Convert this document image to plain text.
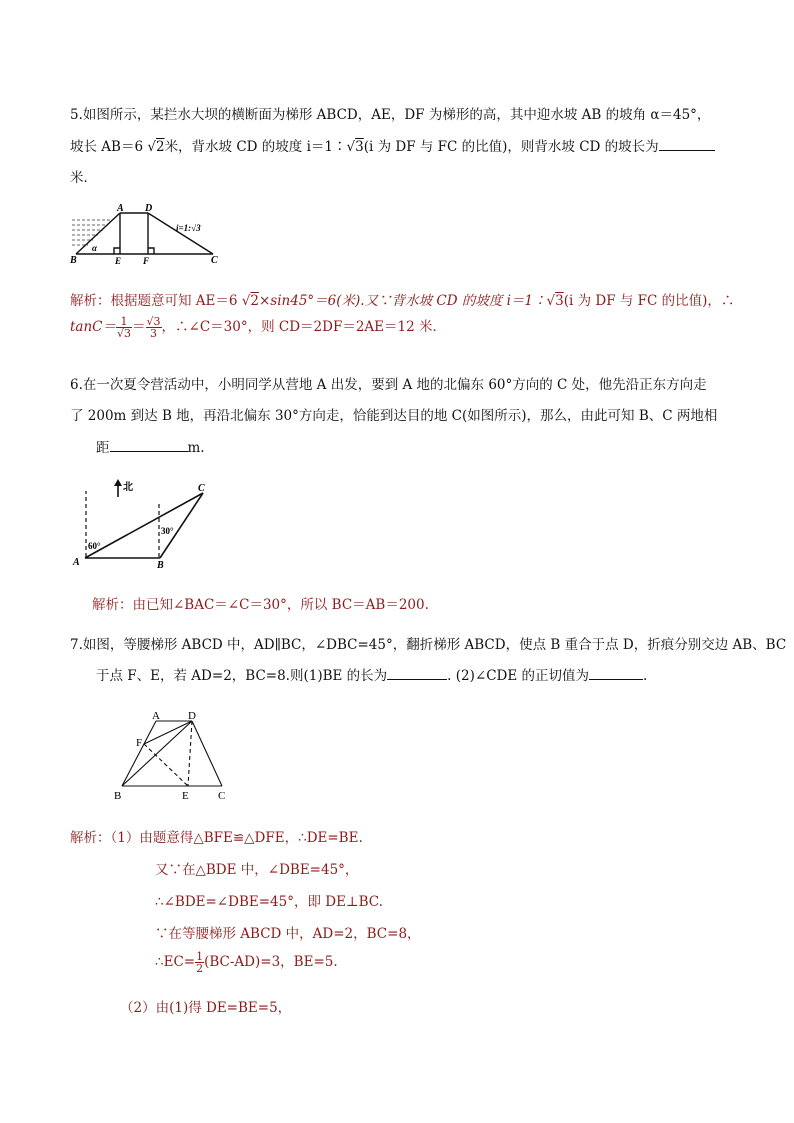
5.如图所示，某拦水大坝的横断面为梯形 ABCD，AE，DF 为梯形的高，其中迎水坡 AB 的坡角 α＝45°，
坡长 AB＝6 √2米，背水坡 CD 的坡度 i＝1∶√3(i 为 DF 与 FC 的比值)，则背水坡 CD 的坡长为
米．
A D
B	E F	C
α
i=1:√3
解析：根据题意可知 AE＝6 √2×sin45°＝6(米).又∵背水坡 CD 的坡度 i＝1∶√3(i 为 DF 与 FC 的比值)，∴
$\tan C= \frac{1}{√3} = \frac{√3}{3}$ ，∴∠C＝30°，则 CD＝2DF＝2AE＝12 米．
6.在一次夏令营活动中，小明同学从营地 A 出发，要到 A 地的北偏东 60°方向的 C 处，他先沿正东方向走
了 200m 到达 B 地，再沿北偏东 30°方向走，恰能到达目的地 C(如图所示)，那么，由此可知 B、C 两地相
距	m.
北
A	B
C
60°
30°
解析：由已知∠BAC＝∠C＝30°，所以 BC＝AB＝200.
7.如图，等腰梯形 ABCD 中，AD∥BC，∠DBC=45°，翻折梯形 ABCD，使点 B 重合于点 D，折痕分别交边 AB、BC
于点 F、E，若 AD=2，BC=8.则(1)BE 的长为	. (2)∠CDE 的正切值为	.
A	D
F
B	E	C
解析：（1）由题意得△BFE≌△DFE，∴DE=BE.
又∵在△BDE 中，∠DBE=45°，
∴∠BDE=∠DBE=45°，即 DE⊥BC.
∵在等腰梯形 ABCD 中，AD=2，BC=8，
∴EC= $\frac{1}{2} (BC-AD)=3$，BE=5.
（2）由(1)得 DE=BE=5，
